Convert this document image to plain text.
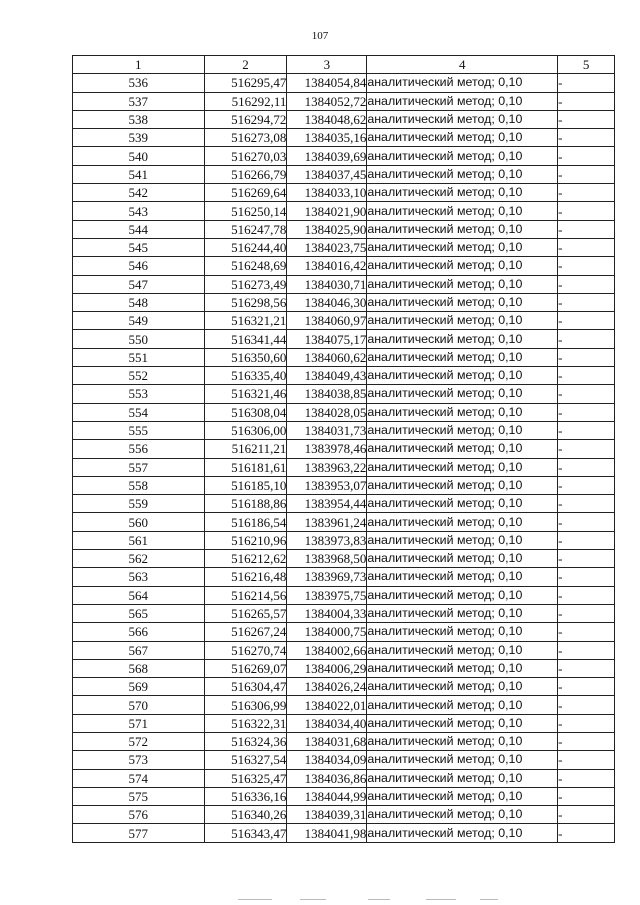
107
1	2	3	4	5
536	516295,47	1384054,84	аналитический метод; 0,10	-
537	516292,11	1384052,72	аналитический метод; 0,10	-
538	516294,72	1384048,62	аналитический метод; 0,10	-
539	516273,08	1384035,16	аналитический метод; 0,10	-
540	516270,03	1384039,69	аналитический метод; 0,10	-
541	516266,79	1384037,45	аналитический метод; 0,10	-
542	516269,64	1384033,10	аналитический метод; 0,10	-
543	516250,14	1384021,90	аналитический метод; 0,10	-
544	516247,78	1384025,90	аналитический метод; 0,10	-
545	516244,40	1384023,75	аналитический метод; 0,10	-
546	516248,69	1384016,42	аналитический метод; 0,10	-
547	516273,49	1384030,71	аналитический метод; 0,10	-
548	516298,56	1384046,30	аналитический метод; 0,10	-
549	516321,21	1384060,97	аналитический метод; 0,10	-
550	516341,44	1384075,17	аналитический метод; 0,10	-
551	516350,60	1384060,62	аналитический метод; 0,10	-
552	516335,40	1384049,43	аналитический метод; 0,10	-
553	516321,46	1384038,85	аналитический метод; 0,10	-
554	516308,04	1384028,05	аналитический метод; 0,10	-
555	516306,00	1384031,73	аналитический метод; 0,10	-
556	516211,21	1383978,46	аналитический метод; 0,10	-
557	516181,61	1383963,22	аналитический метод; 0,10	-
558	516185,10	1383953,07	аналитический метод; 0,10	-
559	516188,86	1383954,44	аналитический метод; 0,10	-
560	516186,54	1383961,24	аналитический метод; 0,10	-
561	516210,96	1383973,83	аналитический метод; 0,10	-
562	516212,62	1383968,50	аналитический метод; 0,10	-
563	516216,48	1383969,73	аналитический метод; 0,10	-
564	516214,56	1383975,75	аналитический метод; 0,10	-
565	516265,57	1384004,33	аналитический метод; 0,10	-
566	516267,24	1384000,75	аналитический метод; 0,10	-
567	516270,74	1384002,66	аналитический метод; 0,10	-
568	516269,07	1384006,29	аналитический метод; 0,10	-
569	516304,47	1384026,24	аналитический метод; 0,10	-
570	516306,99	1384022,01	аналитический метод; 0,10	-
571	516322,31	1384034,40	аналитический метод; 0,10	-
572	516324,36	1384031,68	аналитический метод; 0,10	-
573	516327,54	1384034,09	аналитический метод; 0,10	-
574	516325,47	1384036,86	аналитический метод; 0,10	-
575	516336,16	1384044,99	аналитический метод; 0,10	-
576	516340,26	1384039,31	аналитический метод; 0,10	-
577	516343,47	1384041,98	аналитический метод; 0,10	-
